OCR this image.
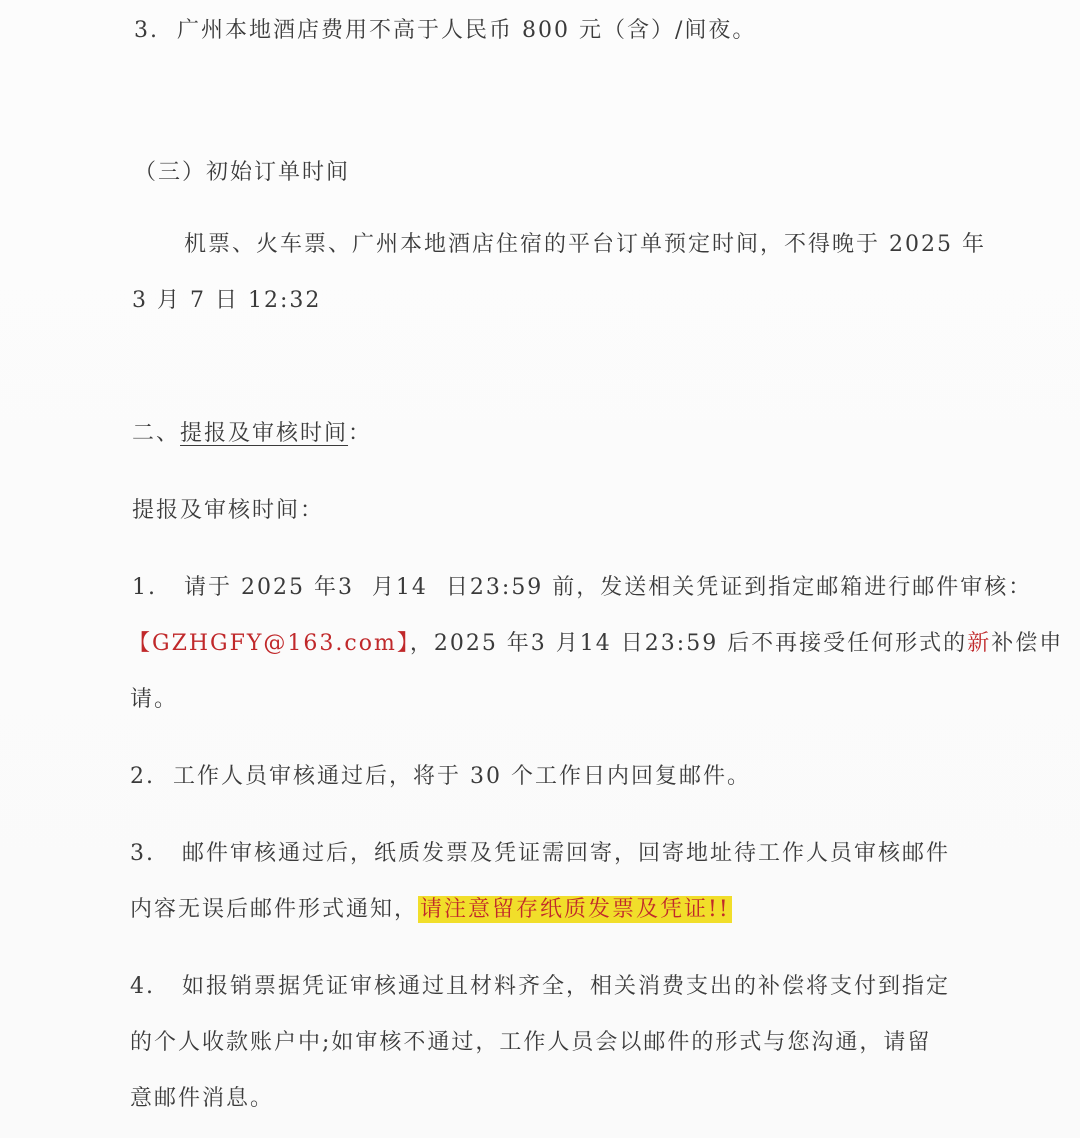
3.  广州本地酒店费用不高于人民币 800 元（含）/间夜。
（三）初始订单时间
机票、火车票、广州本地酒店住宿的平台订单预定时间，不得晚于 2025 年
3 月 7 日 12:32
二、提报及审核时间：
提报及审核时间：
1.   请于 2025 年3  月14  日23:59 前，发送相关凭证到指定邮箱进行邮件审核：
【GZHGFY@163.com】，2025 年3 月14 日23:59 后不再接受任何形式的新补偿申
请。
2.  工作人员审核通过后，将于 30 个工作日内回复邮件。
3.   邮件审核通过后，纸质发票及凭证需回寄，回寄地址待工作人员审核邮件
内容无误后邮件形式通知，请注意留存纸质发票及凭证!!
4.   如报销票据凭证审核通过且材料齐全，相关消费支出的补偿将支付到指定
的个人收款账户中;如审核不通过，工作人员会以邮件的形式与您沟通，请留
意邮件消息。
